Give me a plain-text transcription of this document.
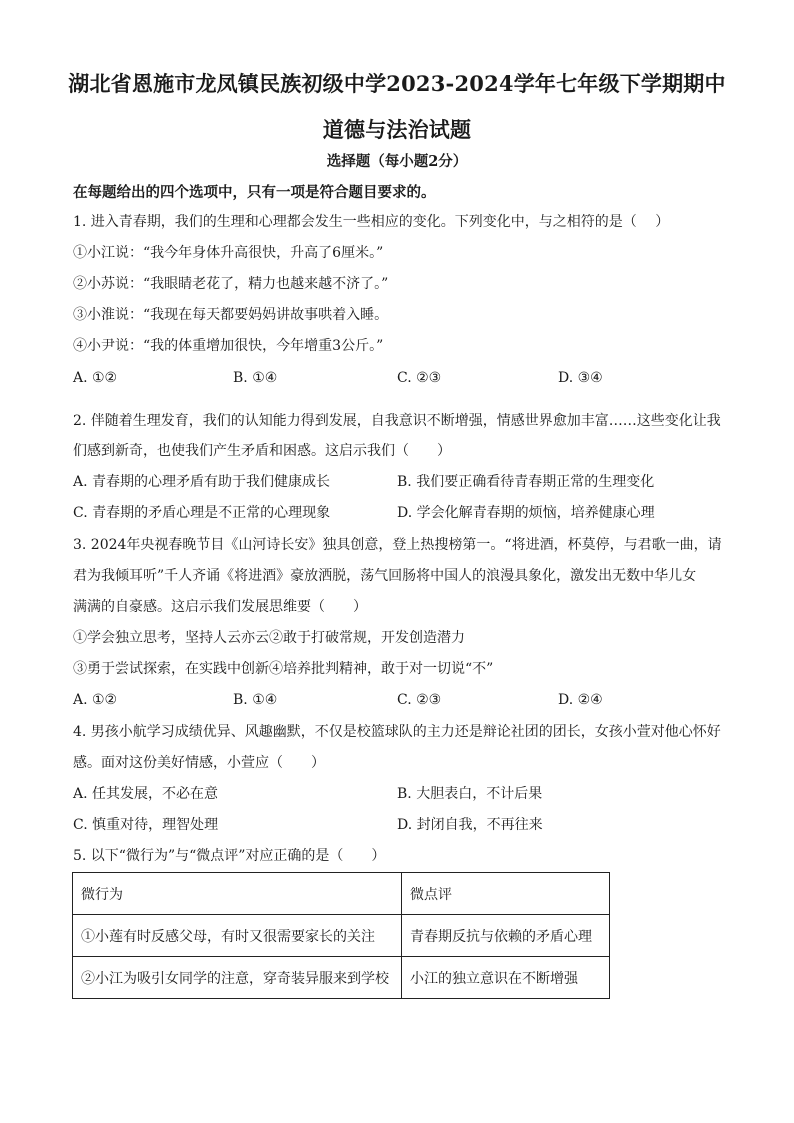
湖北省恩施市龙凤镇民族初级中学2023-2024学年七年级下学期期中
道德与法治试题
选择题（每小题2分）
在每题给出的四个选项中，只有一项是符合题目要求的。
1. 进入青春期，我们的生理和心理都会发生一些相应的变化。下列变化中，与之相符的是（　 ）
①小江说：“我今年身体升高很快，升高了6厘米。”
②小苏说：“我眼睛老花了，精力也越来越不济了。”
③小淮说：“我现在每天都要妈妈讲故事哄着入睡。
④小尹说：“我的体重增加很快，今年增重3公斤。”
A. ①②	B. ①④	C. ②③	D. ③④
2. 伴随着生理发育，我们的认知能力得到发展，自我意识不断增强，情感世界愈加丰富……这些变化让我
们感到新奇，也使我们产生矛盾和困惑。这启示我们（　　）
A. 青春期的心理矛盾有助于我们健康成长	B. 我们要正确看待青春期正常的生理变化
C. 青春期的矛盾心理是不正常的心理现象	D. 学会化解青春期的烦恼，培养健康心理
3. 2024年央视春晚节目《山河诗长安》独具创意，登上热搜榜第一。“将进酒，杯莫停，与君歌一曲，请
君为我倾耳听”千人齐诵《将进酒》豪放洒脱，荡气回肠将中国人的浪漫具象化，激发出无数中华儿女
满满的自豪感。这启示我们发展思维要（　　）
①学会独立思考，坚持人云亦云②敢于打破常规，开发创造潜力
③勇于尝试探索，在实践中创新④培养批判精神，敢于对一切说“不”
A. ①②	B. ①④	C. ②③	D. ②④
4. 男孩小航学习成绩优异、风趣幽默，不仅是校篮球队的主力还是辩论社团的团长，女孩小萱对他心怀好
感。面对这份美好情感，小萱应（　　）
A. 任其发展，不必在意	B. 大胆表白，不计后果
C. 慎重对待，理智处理	D. 封闭自我，不再往来
5. 以下“微行为”与“微点评”对应正确的是（　　）
微行为	微点评
①小莲有时反感父母，有时又很需要家长的关注	青春期反抗与依赖的矛盾心理
②小江为吸引女同学的注意，穿奇装异服来到学校	小江的独立意识在不断增强
